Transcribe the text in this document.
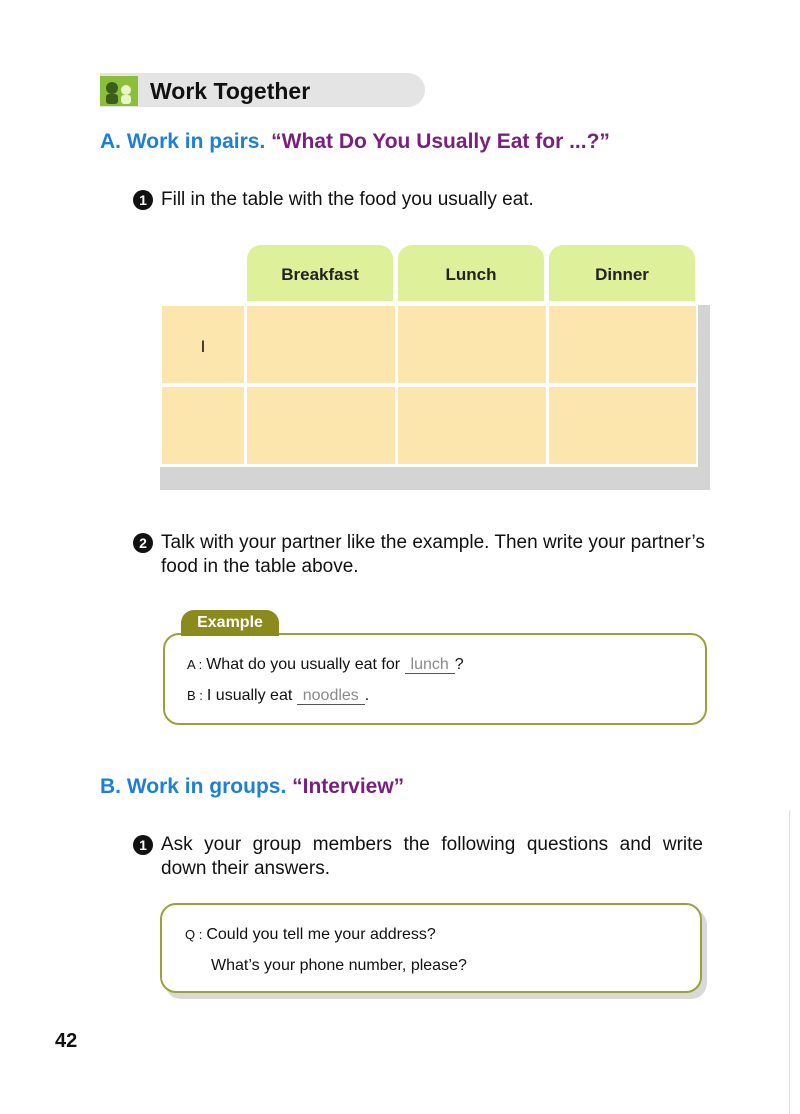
Work Together
A. Work in pairs. “What Do You Usually Eat for ...?”
1 Fill in the table with the food you usually eat.
Breakfast	Lunch	Dinner
I
2 Talk with your partner like the example. Then write your partner’s
food in the table above.
Example
A : What do you usually eat for lunch ?
B : I usually eat noodles .
B. Work in groups. “Interview”
1 Ask your group members the following questions and write
down their answers.
Q : Could you tell me your address?
What’s your phone number, please?
42
